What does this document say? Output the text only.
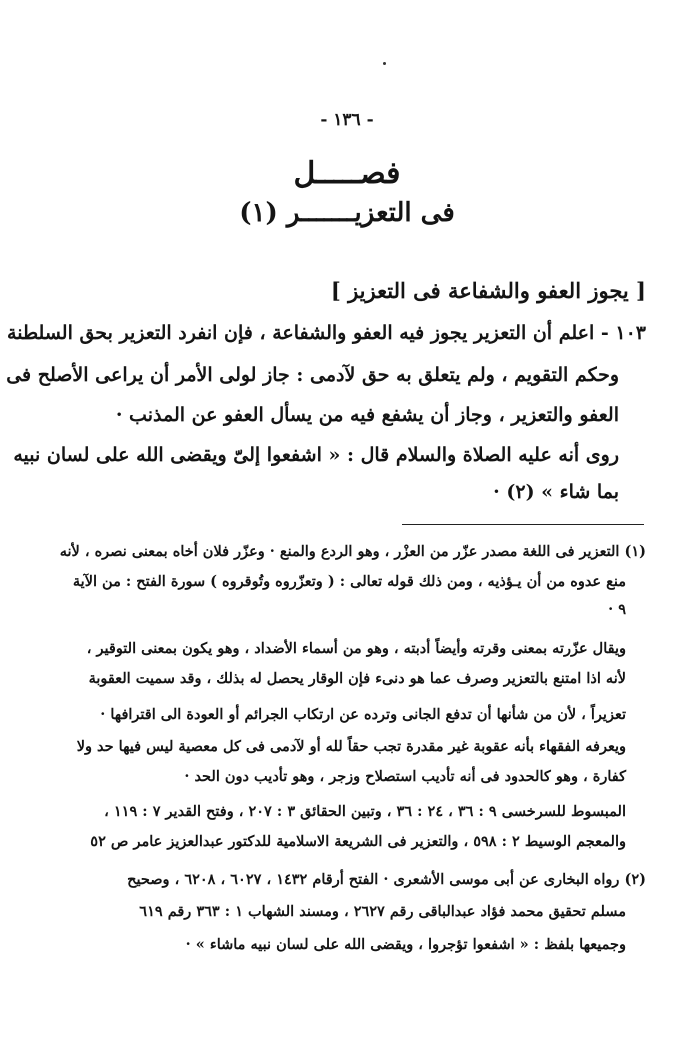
- ١٣٦ -
فصـــــل
فى التعزيـــــــر (١)
[ يجوز العفو والشفاعة فى التعزيز ]
١٠٣ - اعلم أن التعزير يجوز فيه العفو والشفاعة ، فإن انفرد التعزير بحق السلطنة
وحكم التقويم ، ولم يتعلق به حق لآدمى : جاز لولى الأمر أن يراعى الأصلح فى
العفو والتعزير ، وجاز أن يشفع فيه من يسأل العفو عن المذنب ·
روى أنه عليه الصلاة والسلام قال : « اشفعوا إلىّ ويقضى الله على لسان نبيه
بما شاء » (٢) ·
(١) التعزير فى اللغة مصدر عزّر من العزْر ، وهو الردع والمنع · وعزّر فلان أخاه بمعنى نصره ، لأنه
منع عدوه من أن يـؤذيه ، ومن ذلك قوله تعالى : ( وتعزّروه وتُوقروه ) سورة الفتح : من الآية
٩ ·
ويقال عزّرته بمعنى وقرته وأيضاً أدبته ، وهو من أسماء الأضداد ، وهو يكون بمعنى التوقير ،
لأنه اذا امتنع بالتعزير وصرف عما هو دنىء فإن الوقار يحصل له بذلك ، وقد سميت العقوبة
تعزيراً ، لأن من شأنها أن تدفع الجانى وترده عن ارتكاب الجرائم أو العودة الى اقترافها ·
ويعرفه الفقهاء بأنه عقوبة غير مقدرة تجب حقاً لله أو لآدمى فى كل معصية ليس فيها حد ولا
كفارة ، وهو كالحدود فى أنه تأديب استصلاح وزجر ، وهو تأديب دون الحد ·
المبسوط للسرخسى ٩ : ٣٦ ، ٢٤ : ٣٦ ، وتبين الحقائق ٣ : ٢٠٧ ، وفتح القدير ٧ : ١١٩ ،
والمعجم الوسيط ٢ : ٥٩٨ ، والتعزير فى الشريعة الاسلامية للدكتور عبدالعزيز عامر ص ٥٢
(٢) رواه البخارى عن أبى موسى الأشعرى · الفتح أرقام ١٤٣٢ ، ٦٠٢٧ ، ٦٢٠٨ ، وصحيح
مسلم تحقيق محمد فؤاد عبدالباقى رقم ٢٦٢٧ ، ومسند الشهاب ١ : ٣٦٣ رقم ٦١٩
وجميعها بلفظ : « اشفعوا تؤجروا ، ويقضى الله على لسان نبيه ماشاء » ·
